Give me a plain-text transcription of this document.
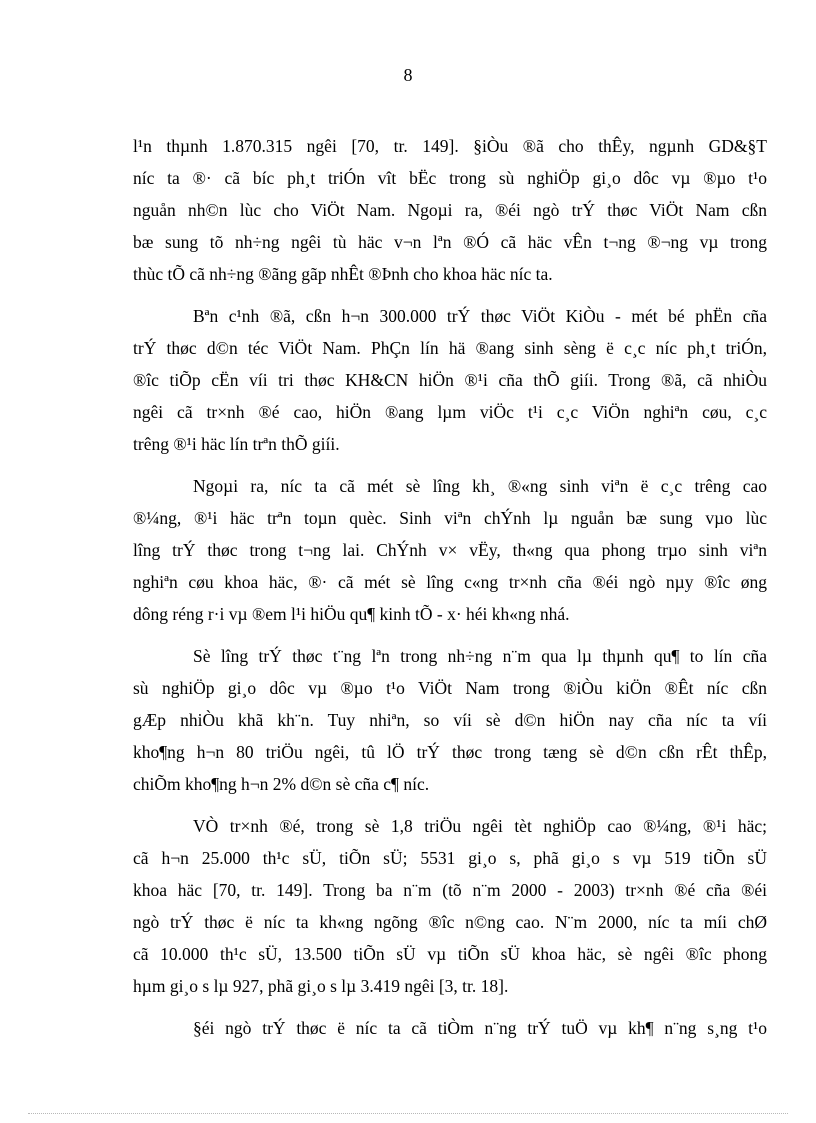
8
l¹n thµnh 1.870.315 ngêi [70, tr. 149]. §iÒu ®ã cho thÊy, ngµnh GD&§T
níc ta ®· cã bíc ph¸t triÓn vît bËc trong sù nghiÖp gi¸o dôc vµ ®µo t¹o
nguån nh©n lùc cho ViÖt Nam. Ngoµi ra, ®éi ngò trÝ thøc ViÖt Nam cßn
bæ sung tõ nh÷ng ngêi tù häc v¬n lªn ®Ó cã häc vÊn t¬ng ®¬ng vµ trong
thùc tÕ cã nh÷ng ®ãng gãp nhÊt ®Þnh cho khoa häc níc ta.
Bªn c¹nh ®ã, cßn h¬n 300.000 trÝ thøc ViÖt KiÒu - mét bé phËn cña
trÝ thøc d©n téc ViÖt Nam. PhÇn lín hä ®ang sinh sèng ë c¸c níc ph¸t triÓn,
®îc tiÕp cËn víi tri thøc KH&CN hiÖn ®¹i cña thÕ giíi. Trong ®ã, cã nhiÒu
ngêi cã tr×nh ®é cao, hiÖn ®ang lµm viÖc t¹i c¸c ViÖn nghiªn cøu, c¸c
trêng ®¹i häc lín trªn thÕ giíi.
Ngoµi ra, níc ta cã mét sè lîng kh¸ ®«ng sinh viªn ë c¸c trêng cao
®¼ng, ®¹i häc trªn toµn quèc. Sinh viªn chÝnh lµ nguån bæ sung vµo lùc
lîng trÝ thøc trong t¬ng lai. ChÝnh v× vËy, th«ng qua phong trµo sinh viªn
nghiªn cøu khoa häc, ®· cã mét sè lîng c«ng tr×nh cña ®éi ngò nµy ®îc øng
dông réng r·i vµ ®em l¹i hiÖu qu¶ kinh tÕ - x· héi kh«ng nhá.
Sè lîng trÝ thøc t¨ng lªn trong nh÷ng n¨m qua lµ thµnh qu¶ to lín cña
sù nghiÖp gi¸o dôc vµ ®µo t¹o ViÖt Nam trong ®iÒu kiÖn ®Êt níc cßn
gÆp nhiÒu khã kh¨n. Tuy nhiªn, so víi sè d©n hiÖn nay cña níc ta víi
kho¶ng h¬n 80 triÖu ngêi, tû lÖ trÝ thøc trong tæng sè d©n cßn rÊt thÊp,
chiÕm kho¶ng h¬n 2% d©n sè cña c¶ níc.
VÒ tr×nh ®é, trong sè 1,8 triÖu ngêi tèt nghiÖp cao ®¼ng, ®¹i häc;
cã h¬n 25.000 th¹c sÜ, tiÕn sÜ; 5531 gi¸o s, phã gi¸o s vµ 519 tiÕn sÜ
khoa häc [70, tr. 149]. Trong ba n¨m (tõ n¨m 2000 - 2003) tr×nh ®é cña ®éi
ngò trÝ thøc ë níc ta kh«ng ngõng ®îc n©ng cao. N¨m 2000, níc ta míi chØ
cã 10.000 th¹c sÜ, 13.500 tiÕn sÜ vµ tiÕn sÜ khoa häc, sè ngêi ®îc phong
hµm gi¸o s lµ 927, phã gi¸o s lµ 3.419 ngêi [3, tr. 18].
§éi ngò trÝ thøc ë níc ta cã tiÒm n¨ng trÝ tuÖ vµ kh¶ n¨ng s¸ng t¹o
